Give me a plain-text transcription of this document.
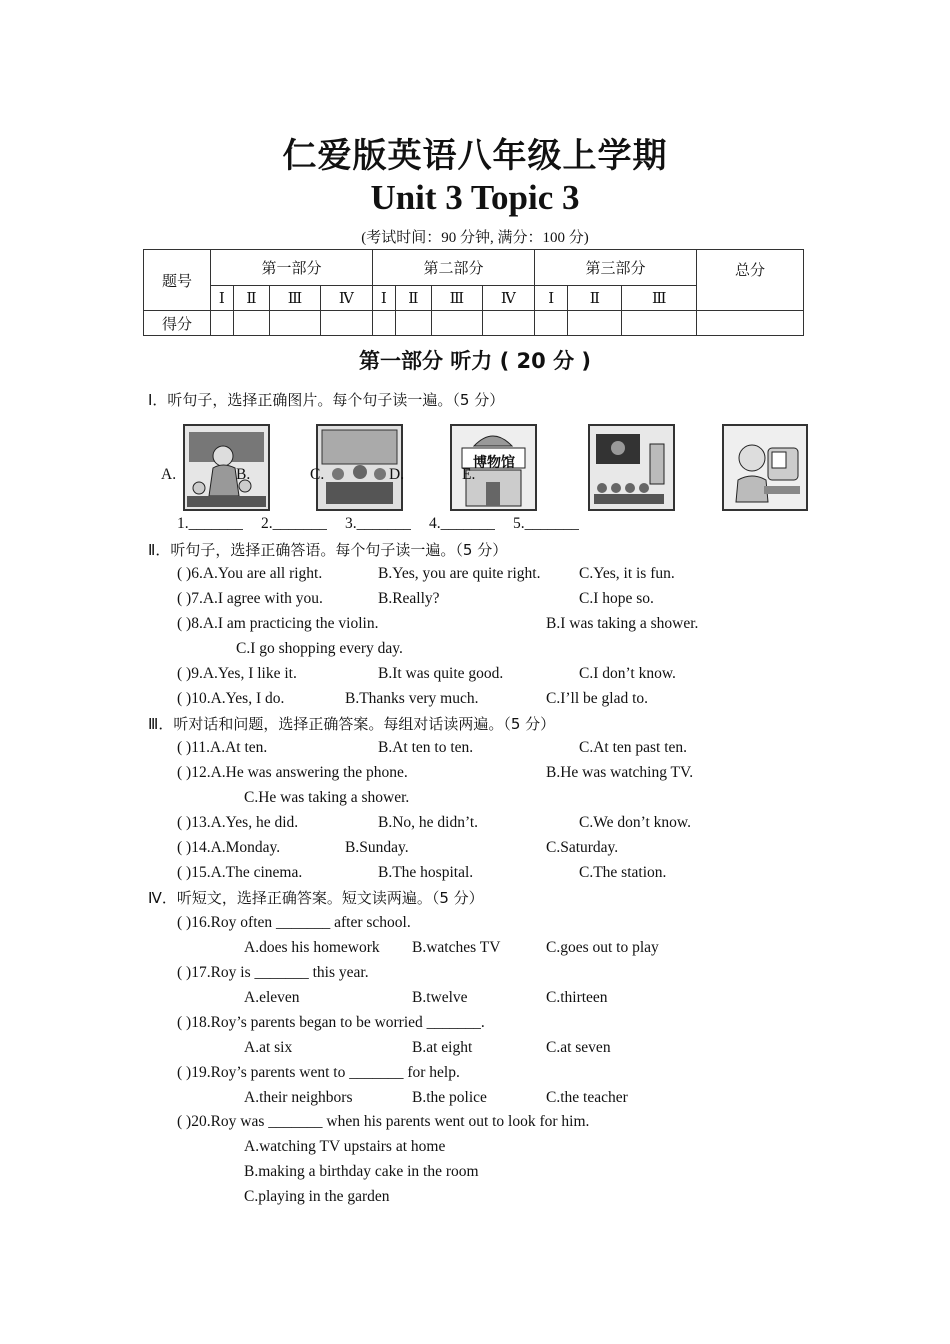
仁爱版英语八年级上学期
Unit 3 Topic 3
(考试时间：90 分钟, 满分：100 分)
题号	第一部分				第二部分				第三部分			总分
	Ⅰ	Ⅱ	Ⅲ	Ⅳ	Ⅰ	Ⅱ	Ⅲ	Ⅳ	Ⅰ	Ⅱ	Ⅲ	
得分												
第一部分 听力 ( 20 分 )
Ⅰ．听句子，选择正确图片。每个句子读一遍。（5 分）
博物馆
A.	B.	C.	D.	E.
1._______ 2._______ 3._______ 4._______ 5._______
Ⅱ．听句子，选择正确答语。每个句子读一遍。（5 分）
( )6.A.You are all right.	B.Yes, you are quite right. C.Yes, it is fun.
( )7.A.I agree with you.	B.Really?	C.I hope so.
( )8.A.I am practicing the violin.	B.I was taking a shower.
C.I go shopping every day.
( )9.A.Yes, I like it.	B.It was quite good.	C.I don’t know.
( )10.A.Yes, I do.	B.Thanks very much.	C.I’ll be glad to.
Ⅲ．听对话和问题，选择正确答案。每组对话读两遍。（5 分）
( )11.A.At ten.	B.At ten to ten.	C.At ten past ten.
( )12.A.He was answering the phone.	B.He was watching TV.
C.He was taking a shower.
( )13.A.Yes, he did.	B.No, he didn’t.	C.We don’t know.
( )14.A.Monday.	B.Sunday.	C.Saturday.
( )15.A.The cinema.	B.The hospital.	C.The station.
Ⅳ．听短文，选择正确答案。短文读两遍。（5 分）
( )16.Roy often _______ after school.
A.does his homework B.watches TV	C.goes out to play
( )17.Roy is _______ this year.
A.eleven	B.twelve	C.thirteen
( )18.Roy’s parents began to be worried _______.
A.at six	B.at eight	C.at seven
( )19.Roy’s parents went to _______ for help.
A.their neighbors	B.the police	C.the teacher
( )20.Roy was _______ when his parents went out to look for him.
A.watching TV upstairs at home
B.making a birthday cake in the room
C.playing in the garden
